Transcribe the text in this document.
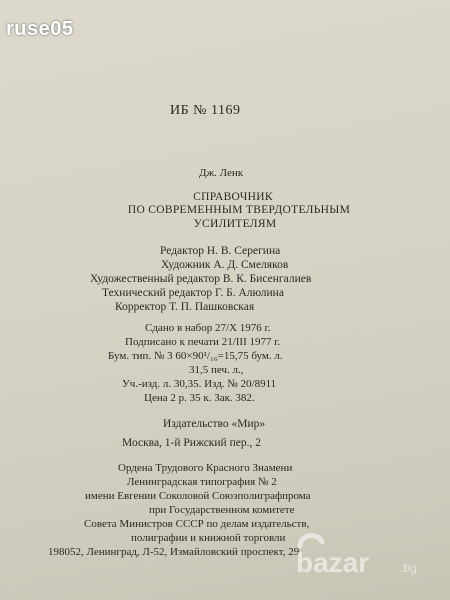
ruse05
ИБ № 1169
Дж. Ленк
СПРАВОЧНИК
ПО СОВРЕМЕННЫМ ТВЕРДОТЕЛЬНЫМ
УСИЛИТЕЛЯМ
Редактор Н. В. Серегина
Художник А. Д. Смеляков
Художественный редактор В. К. Бисенгалиев
Технический редактор Г. Б. Алюлина
Корректор Т. П. Пашковская
Сдано в набор 27/X 1976 г.
Подписано к печати 21/III 1977 г.
Бум. тип. № 3 60×90¹/₁₆=15,75 бум. л.
31,5 печ. л.,
Уч.-изд. л. 30,35. Изд. № 20/8911
Цена 2 р. 35 к. Зак. 382.
Издательство «Мир»
Москва, 1-й Рижский пер., 2
Ордена Трудового Красного Знамени
Ленинградская типография № 2
имени Евгении Соколовой Союзполиграфпрома
при Государственном комитете
Совета Министров СССР по делам издательств,
полиграфии и книжной торговли
198052, Ленинград, Л-52, Измайловский проспект, 29
bazar	.bg
